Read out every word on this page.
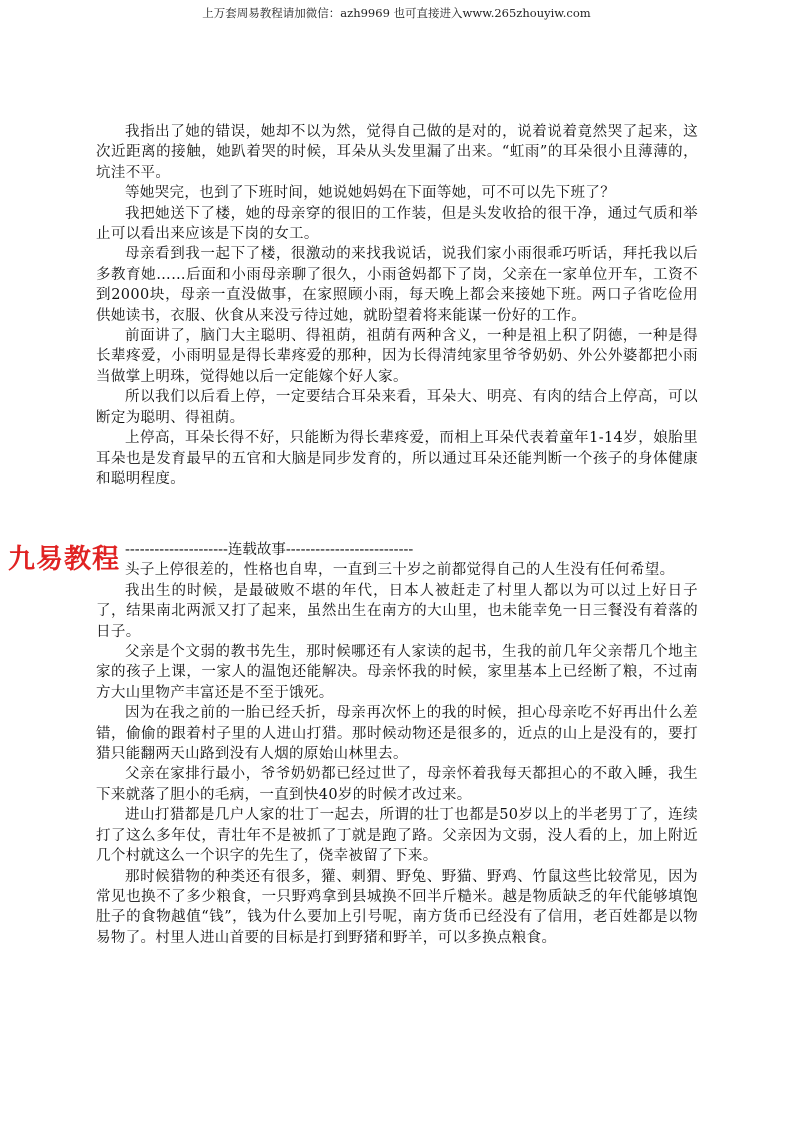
上万套周易教程请加微信：azh9969 也可直接进入www.265zhouyiw.com

我指出了她的错误，她却不以为然，觉得自己做的是对的，说着说着竟然哭了起来，这次近距离的接触，她趴着哭的时候，耳朵从头发里漏了出来。“虹雨”的耳朵很小且薄薄的，坑洼不平。

等她哭完，也到了下班时间，她说她妈妈在下面等她，可不可以先下班了？

我把她送下了楼，她的母亲穿的很旧的工作装，但是头发收拾的很干净，通过气质和举止可以看出来应该是下岗的女工。

母亲看到我一起下了楼，很激动的来找我说话，说我们家小雨很乖巧听话，拜托我以后多教育她……后面和小雨母亲聊了很久，小雨爸妈都下了岗，父亲在一家单位开车，工资不到2000块，母亲一直没做事，在家照顾小雨，每天晚上都会来接她下班。两口子省吃俭用供她读书，衣服、伙食从来没亏待过她，就盼望着将来能谋一份好的工作。

前面讲了，脑门大主聪明、得祖荫，祖荫有两种含义，一种是祖上积了阴德，一种是得长辈疼爱，小雨明显是得长辈疼爱的那种，因为长得清纯家里爷爷奶奶、外公外婆都把小雨当做掌上明珠，觉得她以后一定能嫁个好人家。

所以我们以后看上停，一定要结合耳朵来看，耳朵大、明亮、有肉的结合上停高，可以断定为聪明、得祖荫。

上停高，耳朵长得不好，只能断为得长辈疼爱，而相上耳朵代表着童年1-14岁，娘胎里耳朵也是发育最早的五官和大脑是同步发育的，所以通过耳朵还能判断一个孩子的身体健康和聪明程度。

---------------------连载故事--------------------------

头子上停很差的，性格也自卑，一直到三十岁之前都觉得自己的人生没有任何希望。

我出生的时候，是最破败不堪的年代，日本人被赶走了村里人都以为可以过上好日子了，结果南北两派又打了起来，虽然出生在南方的大山里，也未能幸免一日三餐没有着落的日子。

父亲是个文弱的教书先生，那时候哪还有人家读的起书，生我的前几年父亲帮几个地主家的孩子上课，一家人的温饱还能解决。母亲怀我的时候，家里基本上已经断了粮，不过南方大山里物产丰富还是不至于饿死。

因为在我之前的一胎已经夭折，母亲再次怀上的我的时候，担心母亲吃不好再出什么差错，偷偷的跟着村子里的人进山打猎。那时候动物还是很多的，近点的山上是没有的，要打猎只能翻两天山路到没有人烟的原始山林里去。

父亲在家排行最小，爷爷奶奶都已经过世了，母亲怀着我每天都担心的不敢入睡，我生下来就落了胆小的毛病，一直到快40岁的时候才改过来。

进山打猎都是几户人家的壮丁一起去，所谓的壮丁也都是50岁以上的半老男丁了，连续打了这么多年仗，青壮年不是被抓了丁就是跑了路。父亲因为文弱，没人看的上，加上附近几个村就这么一个识字的先生了，侥幸被留了下来。

那时候猎物的种类还有很多，獾、刺猬、野兔、野猫、野鸡、竹鼠这些比较常见，因为常见也换不了多少粮食，一只野鸡拿到县城换不回半斤糙米。越是物质缺乏的年代能够填饱肚子的食物越值“钱”，钱为什么要加上引号呢，南方货币已经没有了信用，老百姓都是以物易物了。村里人进山首要的目标是打到野猪和野羊，可以多换点粮食。

九易教程
